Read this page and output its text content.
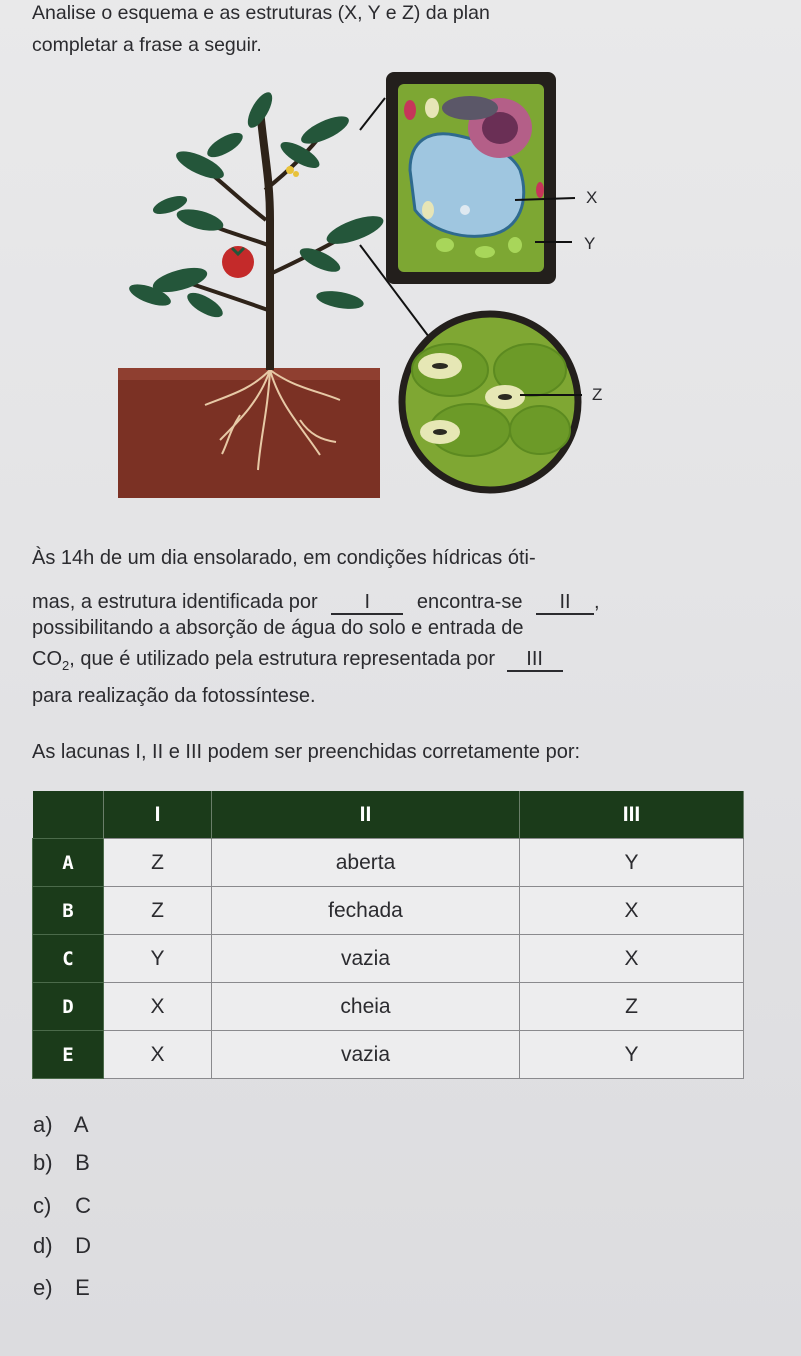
Analise o esquema e as estruturas (X, Y e Z) da plan
completar a frase a seguir.
X
Y
Z
Às 14h de um dia ensolarado, em condições hídricas óti-
mas, a estrutura identificada por I encontra-se II ,
possibilitando a absorção de água do solo e entrada de
$CO_2$, que é utilizado pela estrutura representada por III
para realização da fotossíntese.
As lacunas I, II e III podem ser preenchidas corretamente por:
	I	II	III
A	Z	aberta	Y
B	Z	fechada	X
C	Y	vazia	X
D	X	cheia	Z
E	X	vazia	Y
a) A
b) B
c) C
d) D
e) E
